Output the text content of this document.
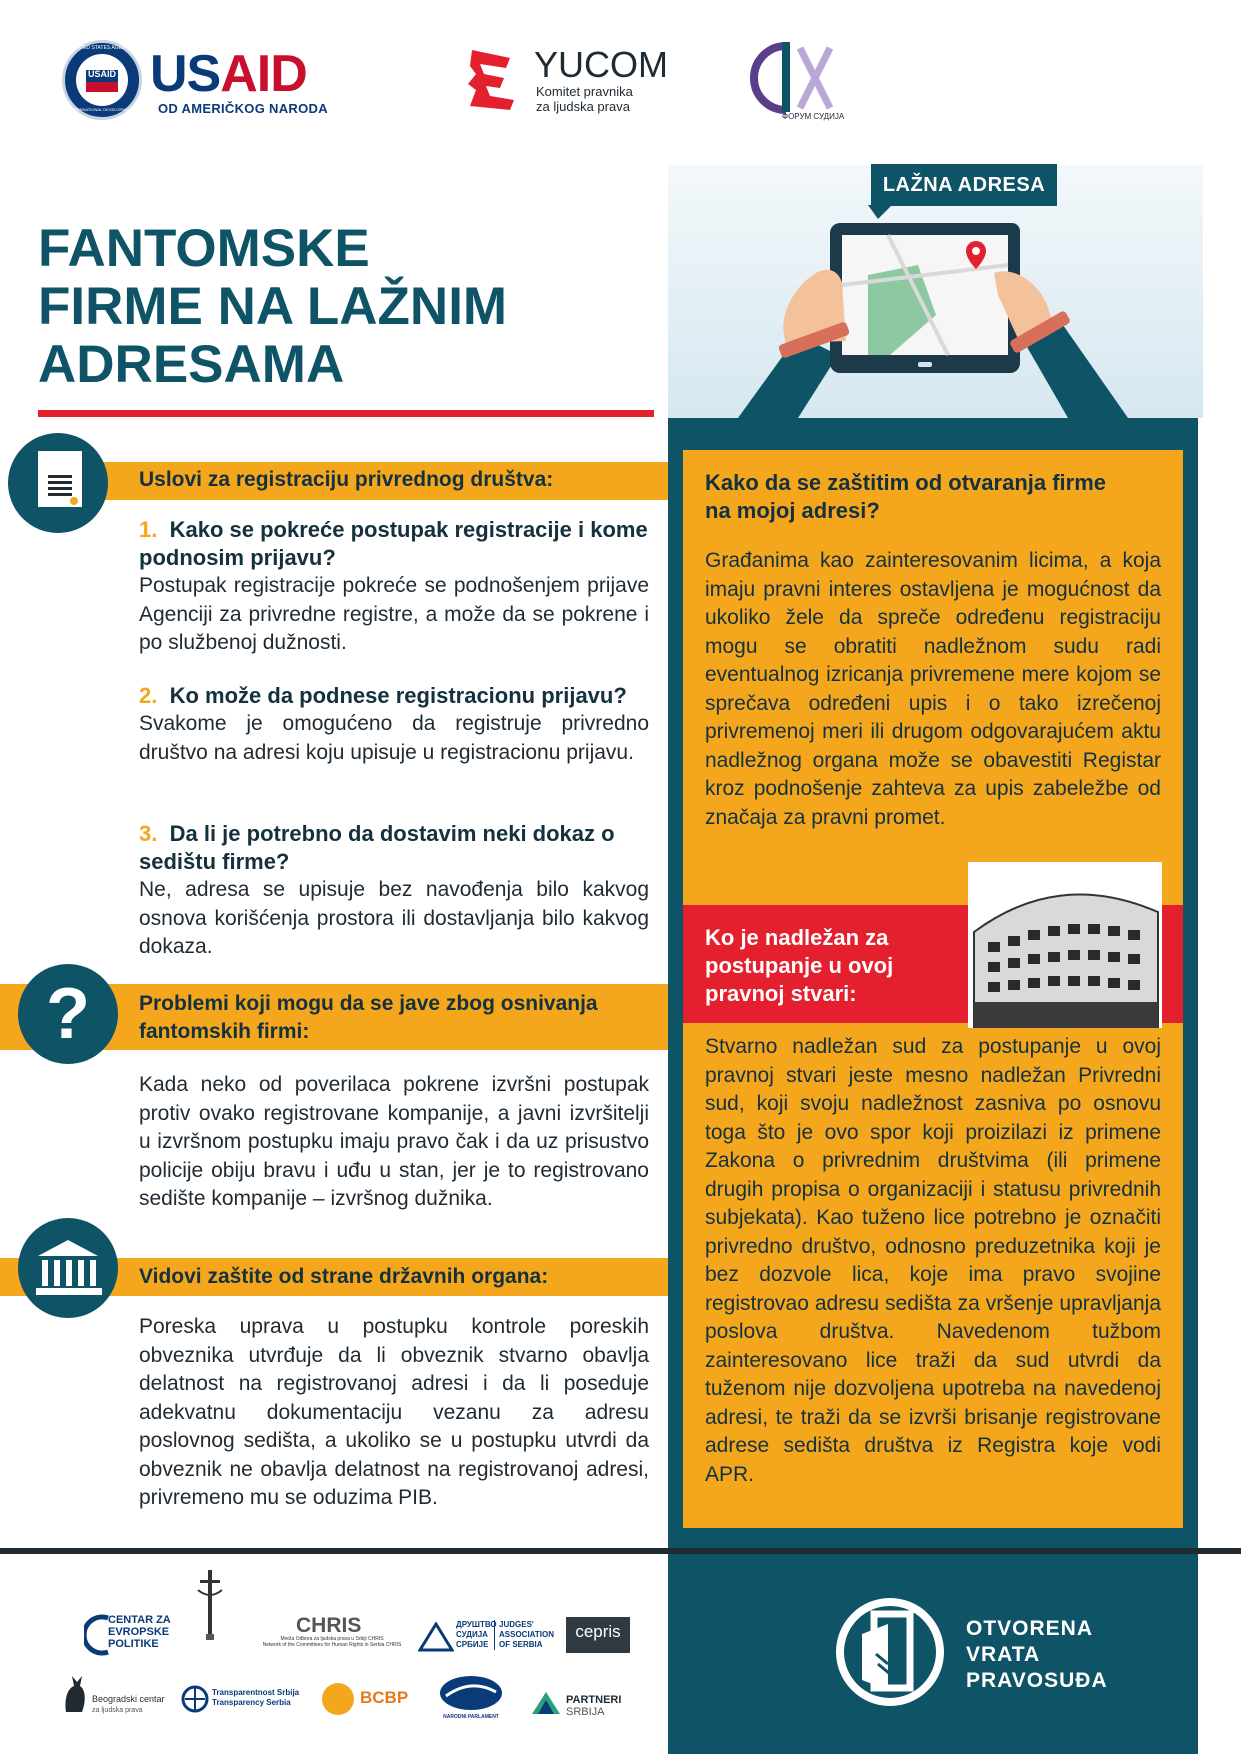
USAID
UNITED STATES AGENCY
INTERNATIONAL DEVELOPMENT
USAID
OD AMERIČKOG NARODA
YUCOM
Komitet pravnika
za ljudska prava
ФОРУМ СУДИЈА
FANTOMSKE
FIRME NA LAŽNIM
ADRESAMA
LAŽNA ADRESA
Uslovi za registraciju privrednog društva:
1. Kako se pokreće postupak registracije i kome podnosim prijavu?

Postupak registracije pokreće se podnošenjem prijave Agenciji za privredne registre, a može da se pokrene i po službenoj dužnosti.

2. Ko može da podnese registracionu prijavu?

Svakome je omogućeno da registruje privredno društvo na adresi koju upisuje u registracionu prijavu.

3. Da li je potrebno da dostavim neki dokaz o sedištu firme?

Ne, adresa se upisuje bez navođenja bilo kakvog osnova korišćenja prostora ili dostavljanja bilo kakvog dokaza.

Problemi koji mogu da se jave zbog osnivanja fantomskih firmi:
?

Kada neko od poverilaca pokrene izvršni postupak protiv ovako registrovane kompanije, a javni izvršitelji u izvršnom postupku imaju pravo čak i da uz prisustvo policije obiju bravu i uđu u stan, jer je to registrovano sedište kompanije – izvršnog dužnika.

Vidovi zaštite od strane državnih organa:

Poreska uprava u postupku kontrole poreskih obveznika utvrđuje da li obveznik stvarno obavlja delatnost na registrovanoj adresi i da li poseduje adekvatnu dokumentaciju vezanu za adresu poslovnog sedišta, a ukoliko se u postupku utvrdi da obveznik ne obavlja delatnost na registrovanoj adresi, privremeno mu se oduzima PIB.

Kako da se zaštitim od otvaranja firme na mojoj adresi?

Građanima kao zainteresovanim licima, a koja imaju pravni interes ostavljena je mogućnost da ukoliko žele da spreče određenu registraciju mogu se obratiti nadležnom sudu radi eventualnog izricanja privremene mere kojom se sprečava određeni upis i o tako izrečenoj privremenoj meri ili drugom odgovarajućem aktu nadležnog organa može se obavestiti Registar kroz podnošenje zahteva za upis zabeležbe od značaja za pravni promet.

Ko je nadležan za postupanje u ovoj pravnoj stvari:

Stvarno nadležan sud za postupanje u ovoj pravnoj stvari jeste mesno nadležan Privredni sud, koji svoju nadležnost zasniva po osnovu toga što je ovo spor koji proizilazi iz primene Zakona o privrednim društvima (ili primene drugih propisa o organizaciji i statusu privrednih subjekata). Kao tuženo lice potrebno je označiti privredno društvo, odnosno preduzetnika koji je bez dozvole lica, koje ima pravo svojine registrovao adresu sedišta za vršenje upravljanja poslova društva. Navedenom tužbom zainteresovano lice traži da sud utvrdi da tuženom nije dozvoljena upotreba na navedenoj adresi, te traži da se izvrši brisanje registrovane adrese sedišta društva iz Registra koje vodi APR.

CENTAR ZA
EVROPSKE
POLITIKE
CHRIS
Mreža Odbora za ljudska prava u Srbiji CHRIS
Network of the Committees for Human Rights in Serbia CHRIS
ДРУШТВО
СУДИЈА
СРБИЈЕ
JUDGES'
ASSOCIATION
OF SERBIA
cepris
Beogradski centar
za ljudska prava
Transparentnost Srbija
Transparency Serbia	BCBP
NARODNI PARLAMENT
PARTNERI
SRBIJA
OTVORENA
VRATA
PRAVOSUĐA
